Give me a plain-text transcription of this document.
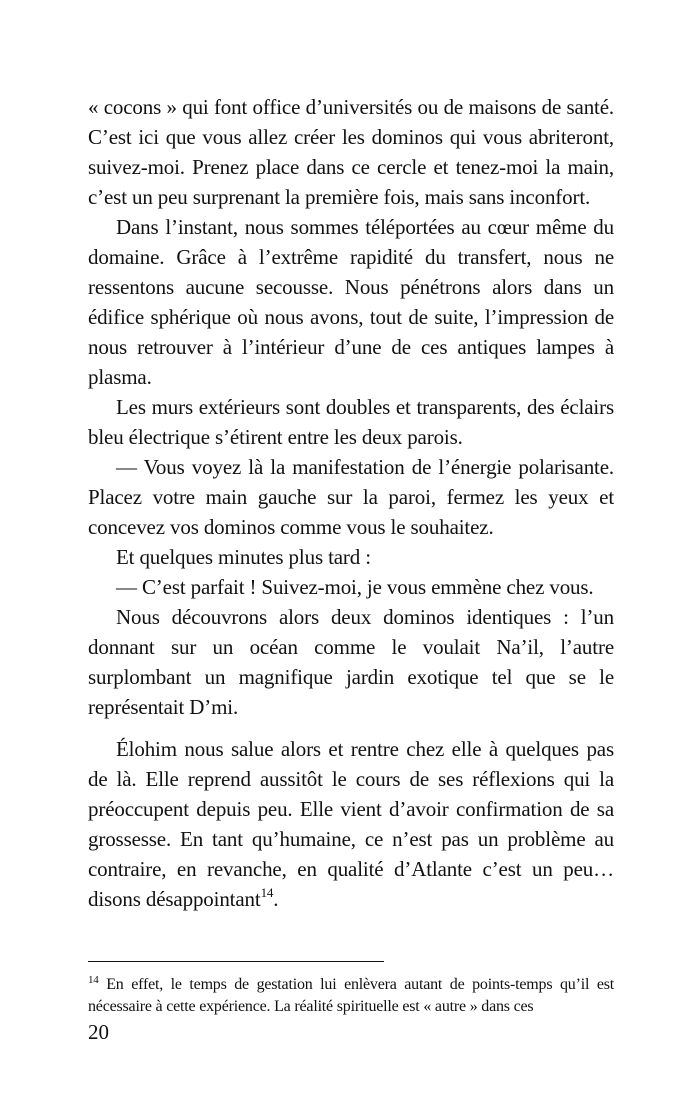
« cocons » qui font office d’universités ou de maisons de santé. C’est ici que vous allez créer les dominos qui vous abriteront, suivez-moi. Prenez place dans ce cercle et tenez-moi la main, c’est un peu surprenant la première fois, mais sans inconfort.

Dans l’instant, nous sommes téléportées au cœur même du domaine. Grâce à l’extrême rapidité du transfert, nous ne ressentons aucune secousse. Nous pénétrons alors dans un édifice sphérique où nous avons, tout de suite, l’impression de nous retrouver à l’intérieur d’une de ces antiques lampes à plasma.

Les murs extérieurs sont doubles et transparents, des éclairs bleu électrique s’étirent entre les deux parois.

— Vous voyez là la manifestation de l’énergie polarisante. Placez votre main gauche sur la paroi, fermez les yeux et concevez vos dominos comme vous le souhaitez.

Et quelques minutes plus tard :

— C’est parfait ! Suivez-moi, je vous emmène chez vous.

Nous découvrons alors deux dominos identiques : l’un donnant sur un océan comme le voulait Na’il, l’autre surplombant un magnifique jardin exotique tel que se le représentait D’mi.

Élohim nous salue alors et rentre chez elle à quelques pas de là. Elle reprend aussitôt le cours de ses réflexions qui la préoccupent depuis peu. Elle vient d’avoir confirmation de sa grossesse. En tant qu’humaine, ce n’est pas un problème au contraire, en revanche, en qualité d’Atlante c’est un peu… disons désappointant$^{14}$.

$^{14}$ En effet, le temps de gestation lui enlèvera autant de points-temps qu’il est nécessaire à cette expérience. La réalité spirituelle est « autre » dans ces

20
